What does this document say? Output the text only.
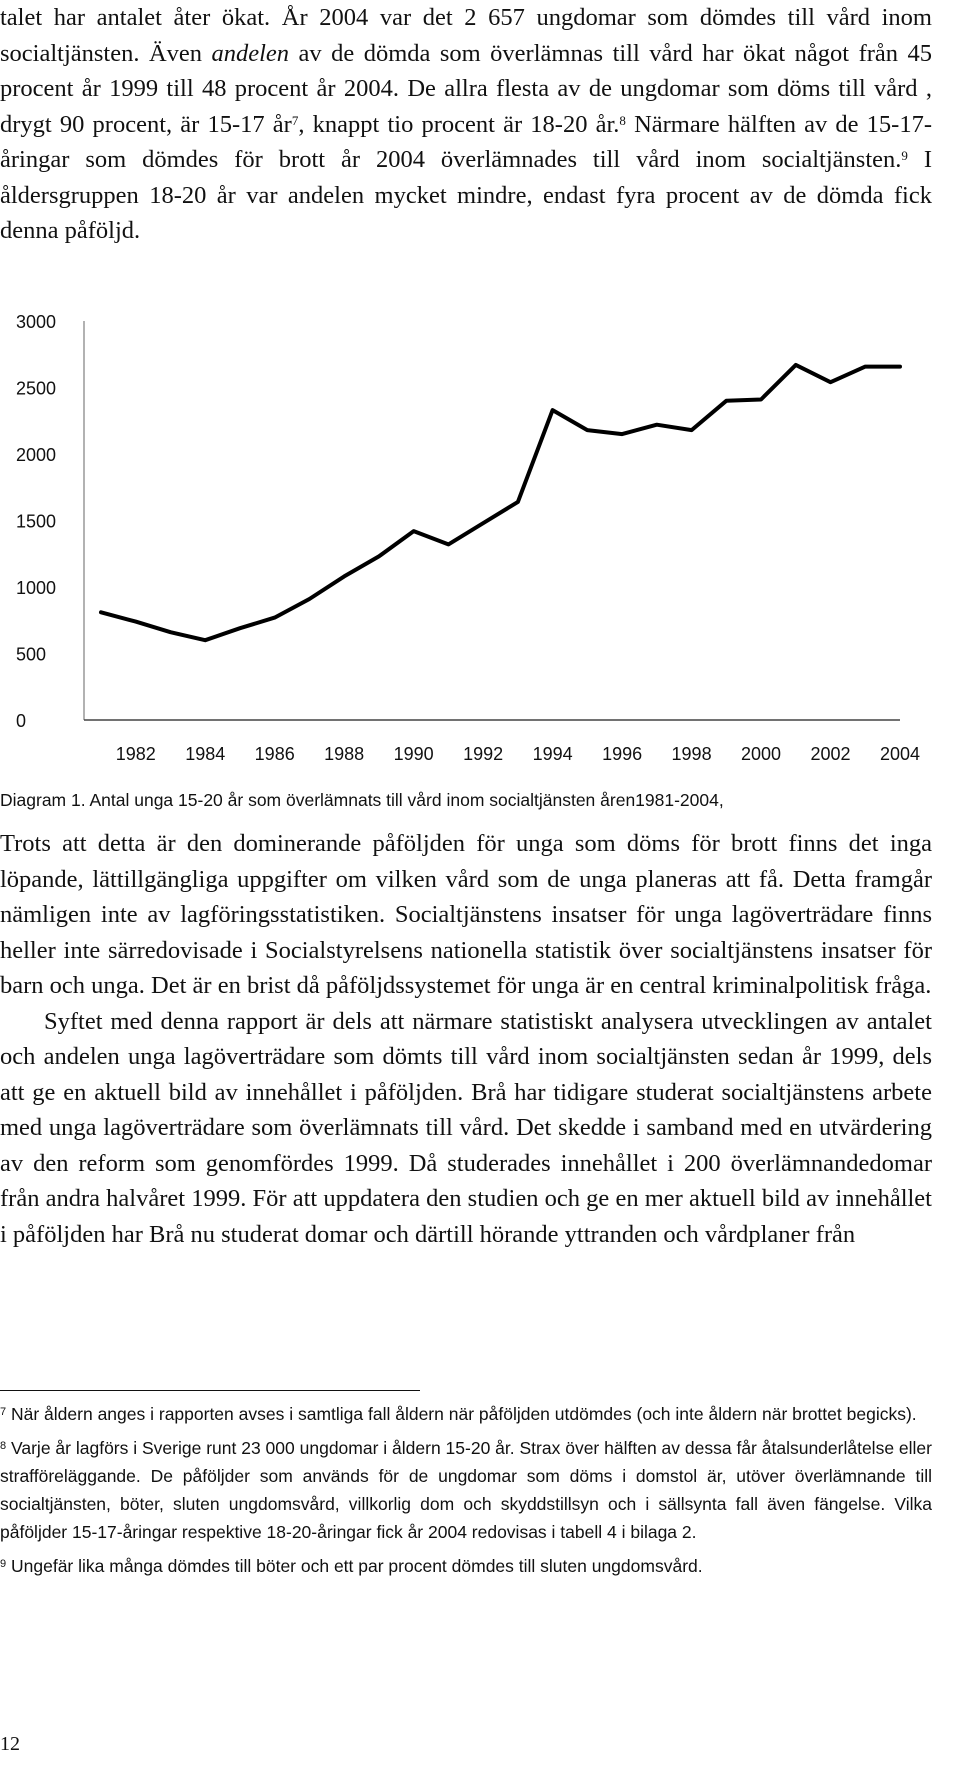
talet har antalet åter ökat. År 2004 var det 2 657 ungdomar som dömdes till vård inom socialtjänsten. Även andelen av de dömda som överlämnas till vård har ökat något från 45 procent år 1999 till 48 procent år 2004. De allra flesta av de ungdomar som döms till vård , drygt 90 procent, är 15-17 $år^7$, knappt tio procent är 18-20 år.$^8$ Närmare hälften av de 15-17-åringar som dömdes för brott år 2004 överlämnades till vård inom socialtjänsten.$^9$ I åldersgruppen 18-20 år var andelen mycket mindre, endast fyra procent av de dömda fick denna påföljd.

0
500
1000
1500
2000
2500
3000
1982 1984 1986 1988 1990 1992 1994 1996 1998 2000 2002 2004

Diagram 1. Antal unga 15-20 år som överlämnats till vård inom socialtjänsten åren1981-2004,

Trots att detta är den dominerande påföljden för unga som döms för brott finns det inga löpande, lättillgängliga uppgifter om vilken vård som de unga planeras att få. Detta framgår nämligen inte av lagföringsstatistiken. Socialtjänstens insatser för unga lagöverträdare finns heller inte särredovisade i Socialstyrelsens nationella statistik över socialtjänstens insatser för barn och unga. Det är en brist då påföljdssystemet för unga är en central kriminalpolitisk fråga.

Syftet med denna rapport är dels att närmare statistiskt analysera utvecklingen av antalet och andelen unga lagöverträdare som dömts till vård inom socialtjänsten sedan år 1999, dels att ge en aktuell bild av innehållet i påföljden. Brå har tidigare studerat socialtjänstens arbete med unga lagöverträdare som överlämnats till vård. Det skedde i samband med en utvärdering av den reform som genomfördes 1999. Då studerades innehållet i 200 överlämnandedomar från andra halvåret 1999. För att uppdatera den studien och ge en mer aktuell bild av innehållet i påföljden har Brå nu studerat domar och därtill hörande yttranden och vårdplaner från

$^7$ När åldern anges i rapporten avses i samtliga fall åldern när påföljden utdömdes (och inte åldern när brottet begicks).

$^8$ Varje år lagförs i Sverige runt 23 000 ungdomar i åldern 15-20 år. Strax över hälften av dessa får åtalsunderlåtelse eller strafföreläggande. De påföljder som används för de ungdomar som döms i domstol är, utöver överlämnande till socialtjänsten, böter, sluten ungdomsvård, villkorlig dom och skyddstillsyn och i sällsynta fall även fängelse. Vilka påföljder 15-17-åringar respektive 18-20-åringar fick år 2004 redovisas i tabell 4 i bilaga 2.

$^9$ Ungefär lika många dömdes till böter och ett par procent dömdes till sluten ungdomsvård.

12
